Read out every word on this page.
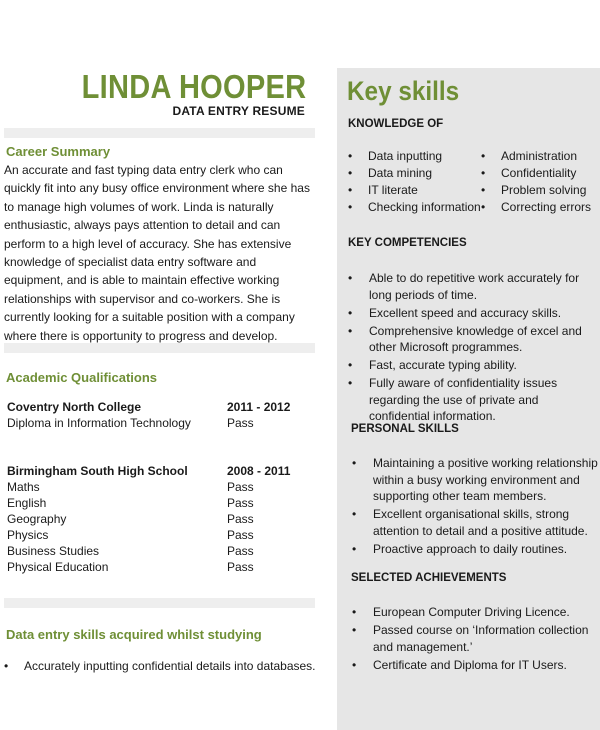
LINDA HOOPER
DATA ENTRY RESUME
Career Summary
An accurate and fast typing data entry clerk who can quickly fit into any busy office environment where she has to manage high volumes of work. Linda is naturally enthusiastic, always pays attention to detail and can perform to a high level of accuracy. She has extensive knowledge of specialist data entry software and equipment, and is able to maintain effective working relationships with supervisor and co-workers. She is currently looking for a suitable position with a company where there is opportunity to progress and develop.
Academic Qualifications
Coventry North College	2011 - 2012
Diploma in Information Technology	Pass
Birmingham South High School	2008 - 2011
Maths	Pass
English	Pass
Geography	Pass
Physics	Pass
Business Studies	Pass
Physical Education	Pass
Data entry skills acquired whilst studying
• Accurately inputting confidential details into databases.
Key skills
KNOWLEDGE OF
• Data inputting
• Data mining
• IT literate
• Checking information
• Administration
• Confidentiality
• Problem solving
• Correcting errors
KEY COMPETENCIES
• Able to do repetitive work accurately for long periods of time.
• Excellent speed and accuracy skills.
• Comprehensive knowledge of excel and other Microsoft programmes.
• Fast, accurate typing ability.
• Fully aware of confidentiality issues regarding the use of private and confidential information.
PERSONAL SKILLS
• Maintaining a positive working relationship within a busy working environment and supporting other team members.
• Excellent organisational skills, strong attention to detail and a positive attitude.
• Proactive approach to daily routines.
SELECTED ACHIEVEMENTS
• European Computer Driving Licence.
• Passed course on ‘Information collection and management.’
• Certificate and Diploma for IT Users.
